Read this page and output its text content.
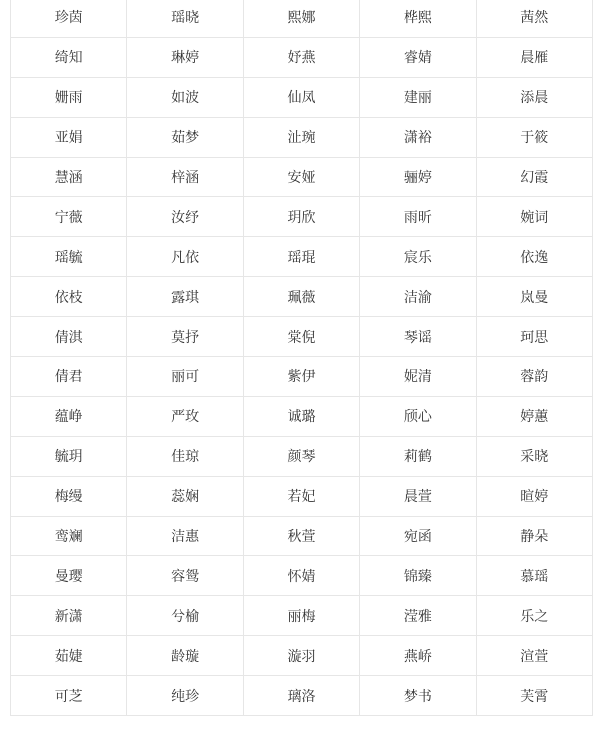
珍茵	瑶晓	熙娜	桦熙	茜然
绮知	琳婷	妤燕	睿婧	晨雁
姗雨	如波	仙凤	建丽	添晨
亚娟	茹梦	沚琬	潇裕	于筱
慧涵	梓涵	安娅	骊婷	幻霞
宁薇	汝纾	玥欣	雨昕	婉词
瑶毓	凡依	瑶琨	宸乐	依逸
依枝	露琪	珮薇	洁渝	岚曼
倩淇	莫抒	棠倪	琴谣	珂思
倩君	丽可	紫伊	妮清	蓉韵
蕴峥	严玫	诚璐	颀心	婷蕙
毓玥	佳琼	颜琴	莉鹤	采晓
梅缦	蕊娴	若妃	晨萱	暄婷
鸾斓	洁惠	秋萱	宛函	静朵
曼璎	容鸳	怀婧	锦臻	慕瑶
新潇	兮榆	丽梅	滢雅	乐之
茹婕	龄璇	漩羽	燕峤	渲萱
可芝	纯珍	璃洛	梦书	芙霄
